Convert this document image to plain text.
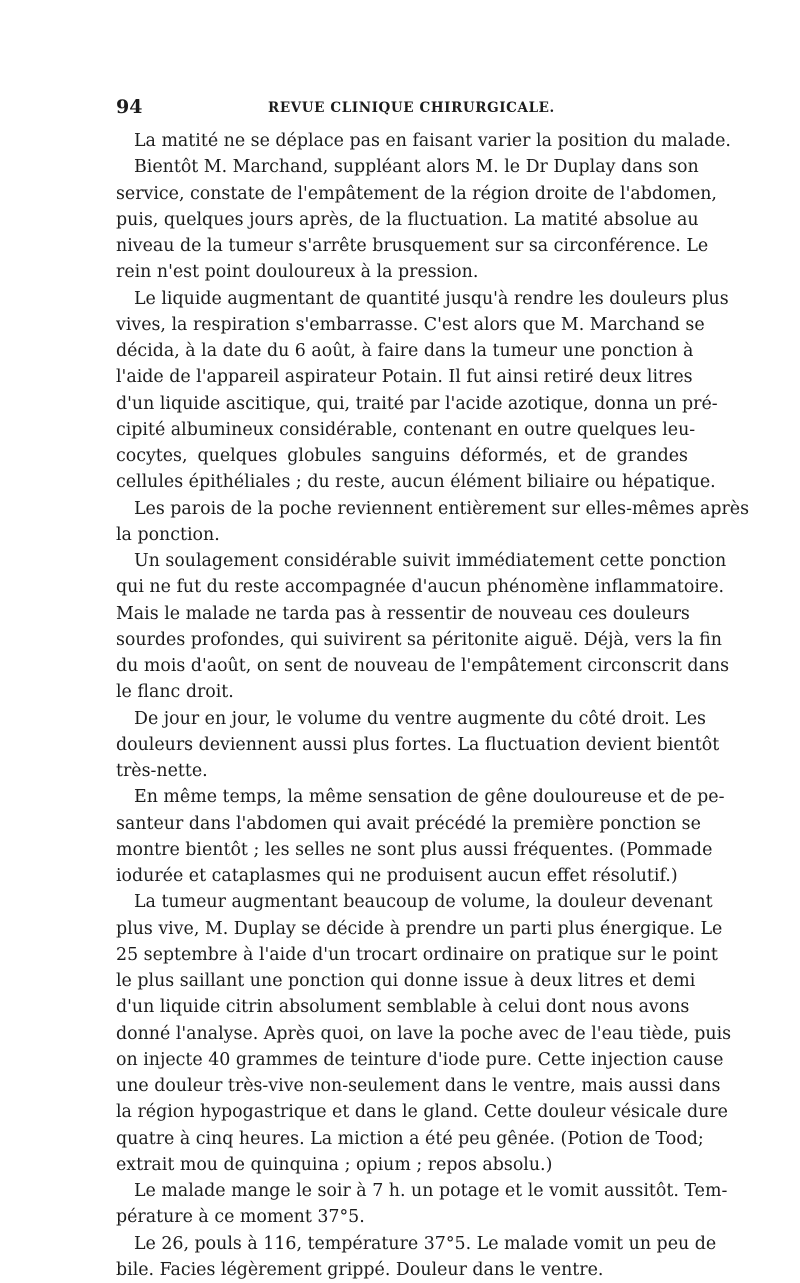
94	REVUE CLINIQUE CHIRURGICALE.
La matité ne se déplace pas en faisant varier la position du malade.
Bientôt M. Marchand, suppléant alors M. le Dr Duplay dans son
service, constate de l'empâtement de la région droite de l'abdomen,
puis, quelques jours après, de la fluctuation. La matité absolue au
niveau de la tumeur s'arrête brusquement sur sa circonférence. Le
rein n'est point douloureux à la pression.
Le liquide augmentant de quantité jusqu'à rendre les douleurs plus
vives, la respiration s'embarrasse. C'est alors que M. Marchand se
décida, à la date du 6 août, à faire dans la tumeur une ponction à
l'aide de l'appareil aspirateur Potain. Il fut ainsi retiré deux litres
d'un liquide ascitique, qui, traité par l'acide azotique, donna un pré-
cipité albumineux considérable, contenant en outre quelques leu-
cocytes, quelques globules sanguins déformés, et de grandes
cellules épithéliales ; du reste, aucun élément biliaire ou hépatique.
Les parois de la poche reviennent entièrement sur elles-mêmes après
la ponction.
Un soulagement considérable suivit immédiatement cette ponction
qui ne fut du reste accompagnée d'aucun phénomène inflammatoire.
Mais le malade ne tarda pas à ressentir de nouveau ces douleurs
sourdes profondes, qui suivirent sa péritonite aiguë. Déjà, vers la fin
du mois d'août, on sent de nouveau de l'empâtement circonscrit dans
le flanc droit.
De jour en jour, le volume du ventre augmente du côté droit. Les
douleurs deviennent aussi plus fortes. La fluctuation devient bientôt
très-nette.
En même temps, la même sensation de gêne douloureuse et de pe-
santeur dans l'abdomen qui avait précédé la première ponction se
montre bientôt ; les selles ne sont plus aussi fréquentes. (Pommade
iodurée et cataplasmes qui ne produisent aucun effet résolutif.)
La tumeur augmentant beaucoup de volume, la douleur devenant
plus vive, M. Duplay se décide à prendre un parti plus énergique. Le
25 septembre à l'aide d'un trocart ordinaire on pratique sur le point
le plus saillant une ponction qui donne issue à deux litres et demi
d'un liquide citrin absolument semblable à celui dont nous avons
donné l'analyse. Après quoi, on lave la poche avec de l'eau tiède, puis
on injecte 40 grammes de teinture d'iode pure. Cette injection cause
une douleur très-vive non-seulement dans le ventre, mais aussi dans
la région hypogastrique et dans le gland. Cette douleur vésicale dure
quatre à cinq heures. La miction a été peu gênée. (Potion de Tood;
extrait mou de quinquina ; opium ; repos absolu.)
Le malade mange le soir à 7 h. un potage et le vomit aussitôt. Tem-
pérature à ce moment 37°5.
Le 26, pouls à 116, température 37°5. Le malade vomit un peu de
bile. Facies légèrement grippé. Douleur dans le ventre.
